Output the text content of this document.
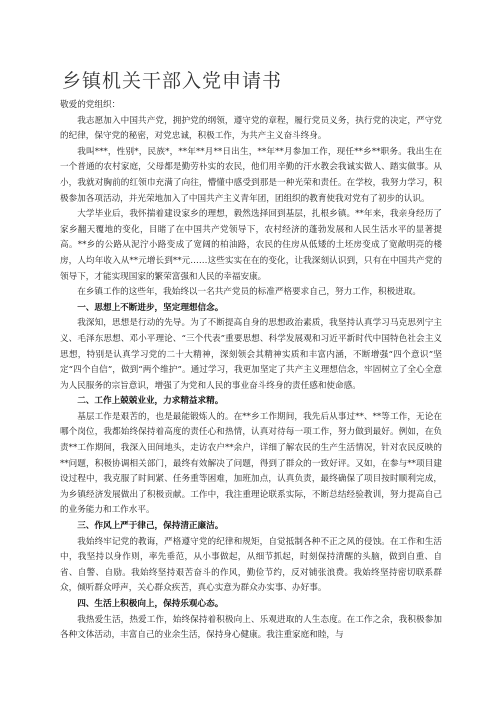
乡镇机关干部入党申请书

敬爱的党组织：

我志愿加入中国共产党，拥护党的纲领，遵守党的章程，履行党员义务，执行党的决定，严守党的纪律，保守党的秘密，对党忠诚，积极工作，为共产主义奋斗终身。

我叫***，性别*，民族*，**年**月**日出生，**年**月参加工作，现任**乡**职务。我出生在一个普通的农村家庭，父母都是勤劳朴实的农民，他们用辛勤的汗水教会我诚实做人、踏实做事。从小，我就对胸前的红领巾充满了向往，懵懂中感受到那是一种光荣和责任。在学校，我努力学习，积极参加各项活动，并光荣地加入了中国共产主义青年团，团组织的教育使我对党有了初步的认识。

大学毕业后，我怀揣着建设家乡的理想，毅然选择回到基层，扎根乡镇。**年来，我亲身经历了家乡翻天覆地的变化，目睹了在中国共产党领导下，农村经济的蓬勃发展和人民生活水平的显著提高。**乡的公路从泥泞小路变成了宽阔的柏油路，农民的住房从低矮的土坯房变成了宽敞明亮的楼房，人均年收入从**元增长到**元……这些实实在在的变化，让我深刻认识到，只有在中国共产党的领导下，才能实现国家的繁荣富强和人民的幸福安康。

在乡镇工作的这些年，我始终以一名共产党员的标准严格要求自己，努力工作，积极进取。

一、思想上不断进步，坚定理想信念。

我深知，思想是行动的先导。为了不断提高自身的思想政治素质，我坚持认真学习马克思列宁主义、毛泽东思想、邓小平理论、“三个代表”重要思想、科学发展观和习近平新时代中国特色社会主义思想，特别是认真学习党的二十大精神，深刻领会其精神实质和丰富内涵，不断增强“四个意识”坚定“四个自信”，做到“两个维护”。通过学习，我更加坚定了共产主义理想信念，牢固树立了全心全意为人民服务的宗旨意识，增强了为党和人民的事业奋斗终身的责任感和使命感。

二、工作上兢兢业业，力求精益求精。

基层工作是艰苦的，也是最能锻炼人的。在**乡工作期间，我先后从事过**、**等工作，无论在哪个岗位，我都始终保持着高度的责任心和热情，认真对待每一项工作，努力做到最好。例如，在负责**工作期间，我深入田间地头，走访农户**余户，详细了解农民的生产生活情况，针对农民反映的**问题，积极协调相关部门，最终有效解决了问题，得到了群众的一致好评。又如，在参与**项目建设过程中，我克服了时间紧、任务重等困难，加班加点，认真负责，最终确保了项目按时顺利完成，为乡镇经济发展做出了积极贡献。工作中，我注重理论联系实际，不断总结经验教训，努力提高自己的业务能力和工作水平。

三、作风上严于律己，保持清正廉洁。

我始终牢记党的教诲，严格遵守党的纪律和规矩，自觉抵制各种不正之风的侵蚀。在工作和生活中，我坚持以身作则，率先垂范，从小事做起，从细节抓起，时刻保持清醒的头脑，做到自重、自省、自警、自励。我始终坚持艰苦奋斗的作风，勤俭节约，反对铺张浪费。我始终坚持密切联系群众，倾听群众呼声，关心群众疾苦，真心实意为群众办实事、办好事。

四、生活上积极向上，保持乐观心态。

我热爱生活，热爱工作，始终保持着积极向上、乐观进取的人生态度。在工作之余，我积极参加各种文体活动，丰富自己的业余生活，保持身心健康。我注重家庭和睦，与
